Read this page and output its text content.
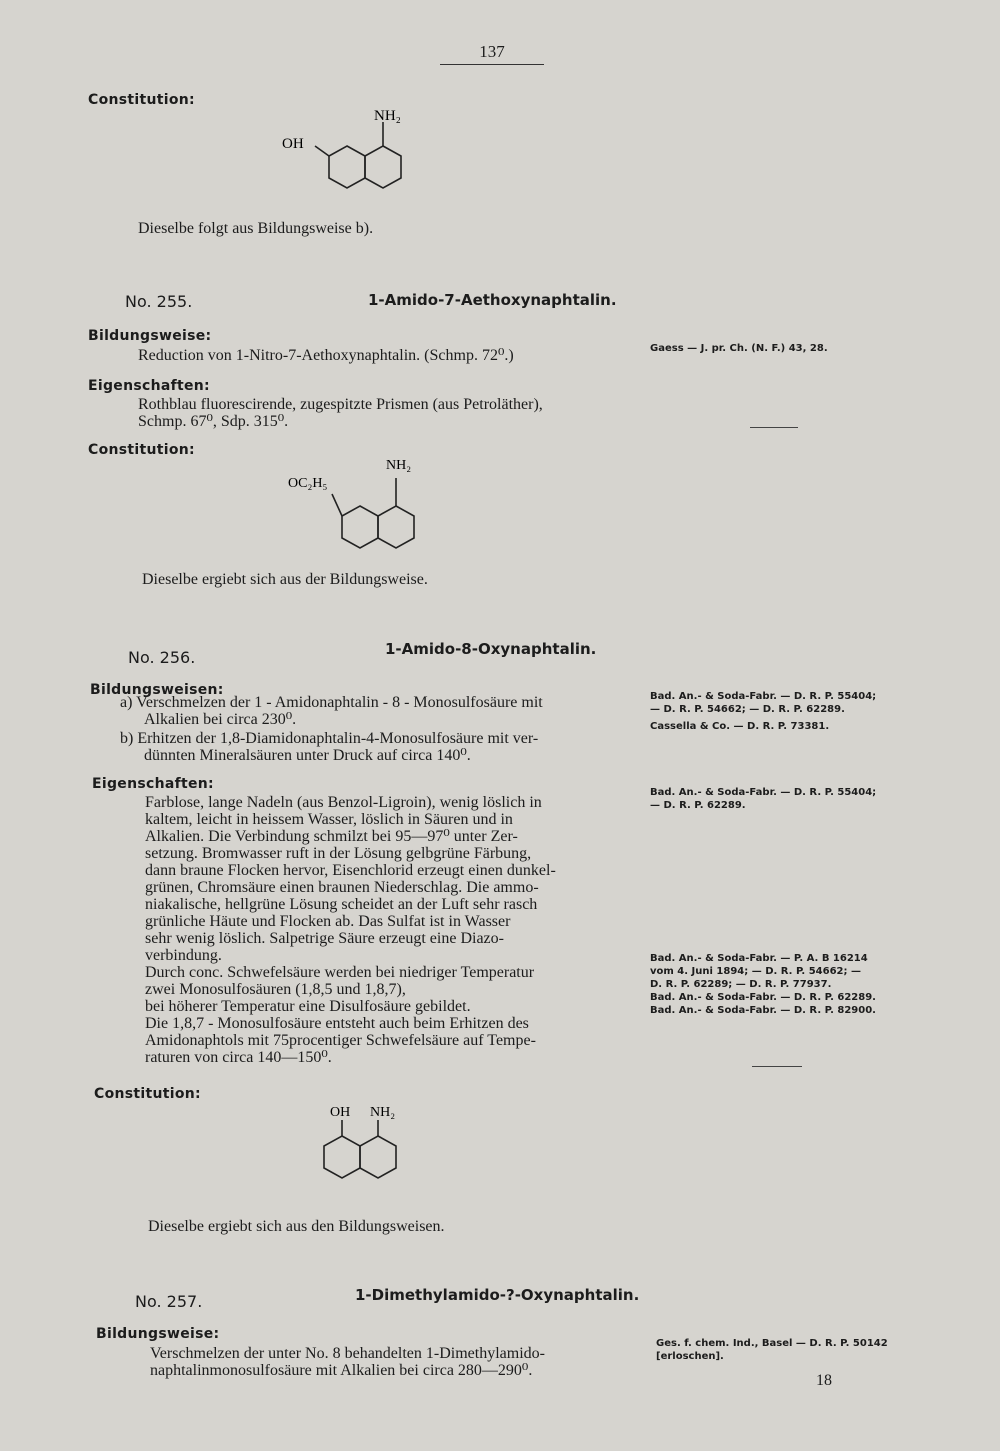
137
Constitution:
OH
NH₂
Dieselbe folgt aus Bildungsweise b).
No. 255.	1-Amido-7-Aethoxynaphtalin.
Bildungsweise:
Reduction von 1-Nitro-7-Aethoxynaphtalin. (Schmp. 72⁰.)	Gaess — J. pr. Ch. (N. F.) 43, 28.
Eigenschaften:
Rothblau fluorescirende, zugespitzte Prismen (aus Petroläther),
Schmp. 67⁰, Sdp. 315⁰.
Constitution:
OC₂H₅
NH₂
Dieselbe ergiebt sich aus der Bildungsweise.
No. 256.	1-Amido-8-Oxynaphtalin.
Bildungsweisen:
a) Verschmelzen der 1 - Amidonaphtalin - 8 - Monosulfosäure mit
Alkalien bei circa 230⁰.
b) Erhitzen der 1,8-Diamidonaphtalin-4-Monosulfosäure mit ver-
dünnten Mineralsäuren unter Druck auf circa 140⁰.
Bad. An.- & Soda-Fabr. — D. R. P. 55404;
— D. R. P. 54662; — D. R. P. 62289.
Cassella & Co. — D. R. P. 73381.
Eigenschaften:
Farblose, lange Nadeln (aus Benzol-Ligroin), wenig löslich in
kaltem, leicht in heissem Wasser, löslich in Säuren und in
Alkalien. Die Verbindung schmilzt bei 95—97⁰ unter Zer-
setzung. Bromwasser ruft in der Lösung gelbgrüne Färbung,
dann braune Flocken hervor, Eisenchlorid erzeugt einen dunkel-
grünen, Chromsäure einen braunen Niederschlag. Die ammo-
niakalische, hellgrüne Lösung scheidet an der Luft sehr rasch
grünliche Häute und Flocken ab. Das Sulfat ist in Wasser
sehr wenig löslich. Salpetrige Säure erzeugt eine Diazo-
verbindung.
Durch conc. Schwefelsäure werden bei niedriger Temperatur
zwei Monosulfosäuren (1,8,5 und 1,8,7),
bei höherer Temperatur eine Disulfosäure gebildet.
Die 1,8,7 - Monosulfosäure entsteht auch beim Erhitzen des
Amidonaphtols mit 75procentiger Schwefelsäure auf Tempe-
raturen von circa 140—150⁰.
Bad. An.- & Soda-Fabr. — D. R. P. 55404;
— D. R. P. 62289.
Bad. An.- & Soda-Fabr. — P. A. B 16214
vom 4. Juni 1894; — D. R. P. 54662; —
D. R. P. 62289; — D. R. P. 77937.
Bad. An.- & Soda-Fabr. — D. R. P. 62289.
Bad. An.- & Soda-Fabr. — D. R. P. 82900.
Constitution:
OH NH₂
Dieselbe ergiebt sich aus den Bildungsweisen.
No. 257.	1-Dimethylamido-?-Oxynaphtalin.
Bildungsweise:
Verschmelzen der unter No. 8 behandelten 1-Dimethylamido-
naphtalinmonosulfosäure mit Alkalien bei circa 280—290⁰.
Ges. f. chem. Ind., Basel — D. R. P. 50142
[erloschen].
18
